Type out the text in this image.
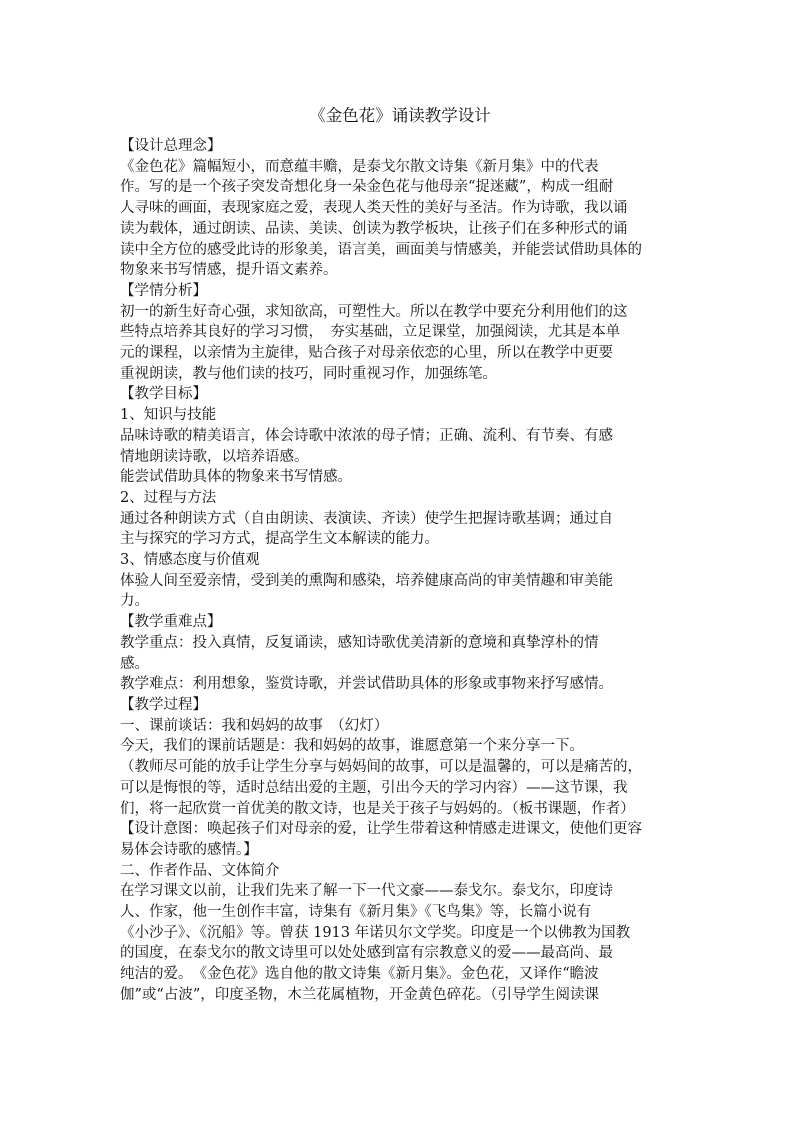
《金色花》诵读教学设计
【设计总理念】
《金色花》篇幅短小，而意蕴丰赡，是泰戈尔散文诗集《新月集》中的代表
作。写的是一个孩子突发奇想化身一朵金色花与他母亲“捉迷藏”，构成一组耐
人寻味的画面，表现家庭之爱，表现人类天性的美好与圣洁。作为诗歌，我以诵
读为载体，通过朗读、品读、美读、创读为教学板块，让孩子们在多种形式的诵
读中全方位的感受此诗的形象美，语言美，画面美与情感美，并能尝试借助具体的
物象来书写情感，提升语文素养。
【学情分析】
初一的新生好奇心强，求知欲高，可塑性大。所以在教学中要充分利用他们的这
些特点培养其良好的学习习惯，　夯实基础，立足课堂，加强阅读，尤其是本单
元的课程，以亲情为主旋律，贴合孩子对母亲依恋的心里，所以在教学中更要
重视朗读，教与他们读的技巧，同时重视习作，加强练笔。
【教学目标】
1、知识与技能
品味诗歌的精美语言，体会诗歌中浓浓的母子情；正确、流利、有节奏、有感
情地朗读诗歌，以培养语感。
能尝试借助具体的物象来书写情感。
2、过程与方法
通过各种朗读方式（自由朗读、表演读、齐读）使学生把握诗歌基调；通过自
主与探究的学习方式，提高学生文本解读的能力。
3、情感态度与价值观
体验人间至爱亲情，受到美的熏陶和感染，培养健康高尚的审美情趣和审美能
力。
【教学重难点】
教学重点：投入真情，反复诵读，感知诗歌优美清新的意境和真挚淳朴的情
感。
教学难点：利用想象，鉴赏诗歌，并尝试借助具体的形象或事物来抒写感情。
【教学过程】
一、课前谈话：我和妈妈的故事　（幻灯）
今天，我们的课前话题是：我和妈妈的故事，谁愿意第一个来分享一下。
（教师尽可能的放手让学生分享与妈妈间的故事，可以是温馨的，可以是痛苦的，
可以是悔恨的等，适时总结出爱的主题，引出今天的学习内容）——这节课，我
们，将一起欣赏一首优美的散文诗，也是关于孩子与妈妈的。（板书课题，作者）
【设计意图：唤起孩子们对母亲的爱，让学生带着这种情感走进课文，使他们更容
易体会诗歌的感情。】
二、作者作品、文体简介
在学习课文以前，让我们先来了解一下一代文豪——泰戈尔。泰戈尔，印度诗
人、作家，他一生创作丰富，诗集有《新月集》《飞鸟集》等，长篇小说有
《小沙子》、《沉船》等。曾获 1913 年诺贝尔文学奖。印度是一个以佛教为国教
的国度，在泰戈尔的散文诗里可以处处感到富有宗教意义的爱——最高尚、最
纯洁的爱。　《金色花》选自他的散文诗集《新月集》。金色花，又译作“瞻波
伽”或“占波”，印度圣物，木兰花属植物，开金黄色碎花。（引导学生阅读课
